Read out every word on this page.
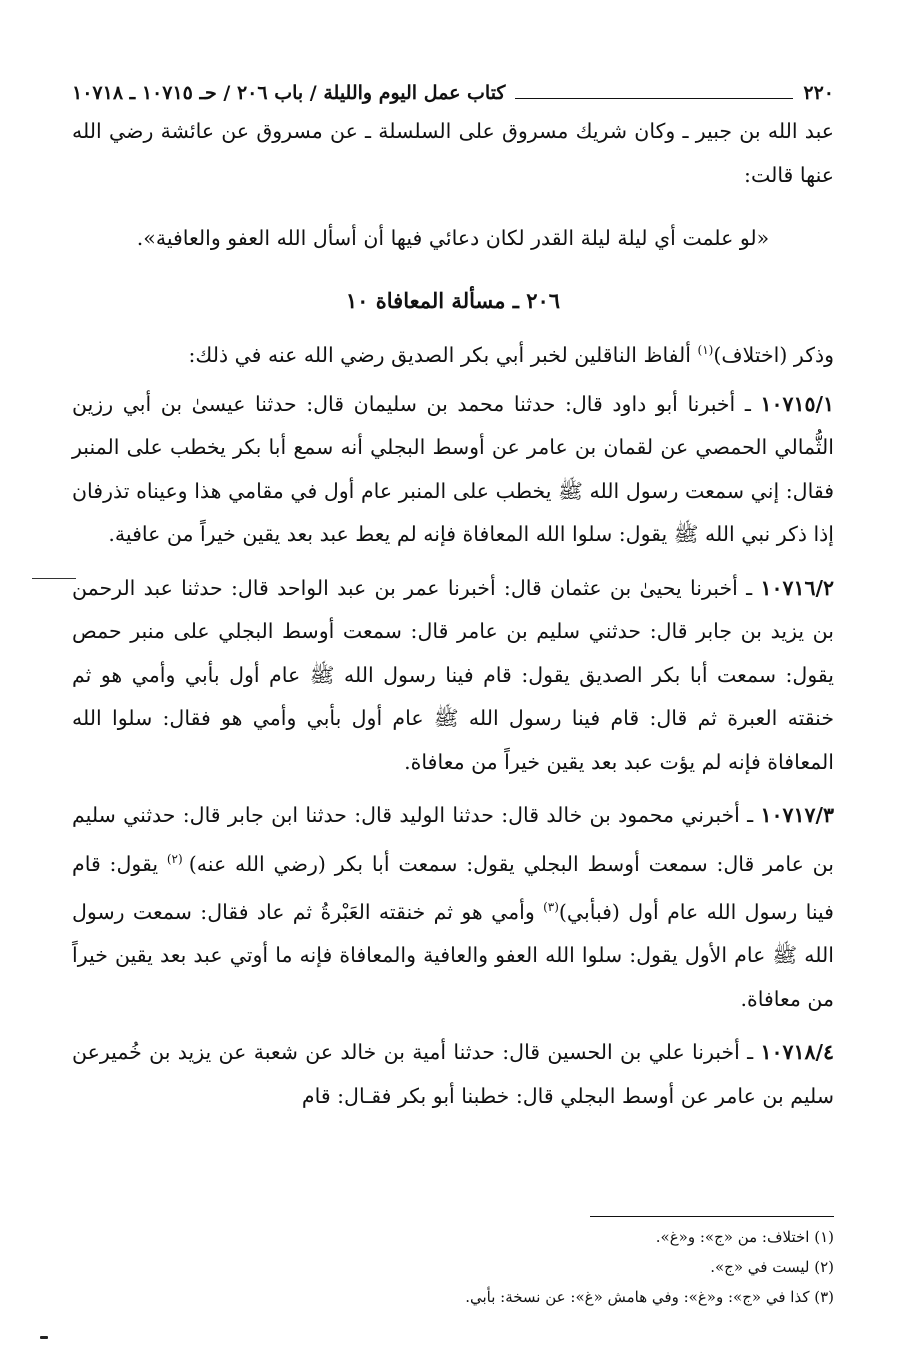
٢٢٠
كتاب عمل اليوم والليلة / باب ٢٠٦ / حـ ١٠٧١٥ ـ ١٠٧١٨

عبد الله بن جبير ـ وكان شريك مسروق على السلسلة ـ عن مسروق عن عائشة رضي الله عنها قالت:

«لو علمت أي ليلة ليلة القدر لكان دعائي فيها أن أسأل الله العفو والعافية».

٢٠٦ ـ مسألة المعافاة ١٠

وذكر (اختلاف)$^{(١)}$ ألفاظ الناقلين لخبر أبي بكر الصديق رضي الله عنه في ذلك:

١٠٧١٥/١ ـ أخبرنا أبو داود قال: حدثنا محمد بن سليمان قال: حدثنا عيسىٰ بن أبي رزين الثُّمالي الحمصي عن لقمان بن عامر عن أوسط البجلي أنه سمع أبا بكر يخطب على المنبر فقال: إني سمعت رسول الله ﷺ يخطب على المنبر عام أول في مقامي هذا وعيناه تذرفان إذا ذكر نبي الله ﷺ يقول: سلوا الله المعافاة فإنه لم يعط عبد بعد يقين خيراً من عافية.

١٠٧١٦/٢ ـ أخبرنا يحيىٰ بن عثمان قال: أخبرنا عمر بن عبد الواحد قال: حدثنا عبد الرحمن بن يزيد بن جابر قال: حدثني سليم بن عامر قال: سمعت أوسط البجلي على منبر حمص يقول: سمعت أبا بكر الصديق يقول: قام فينا رسول الله ﷺ عام أول بأبي وأمي هو ثم خنقته العبرة ثم قال: قام فينا رسول الله ﷺ عام أول بأبي وأمي هو فقال: سلوا الله المعافاة فإنه لم يؤت عبد بعد يقين خيراً من معافاة.

١٠٧١٧/٣ ـ أخبرني محمود بن خالد قال: حدثنا الوليد قال: حدثنا ابن جابر قال: حدثني سليم بن عامر قال: سمعت أوسط البجلي يقول: سمعت أبا بكر (رضي الله عنه) $^{(٢)}$ يقول: قام فينا رسول الله عام أول (فبأبي)$^{(٣)}$ وأمي هو ثم خنقته العَبْرةُ ثم عاد فقال: سمعت رسول الله ﷺ عام الأول يقول: سلوا الله العفو والعافية والمعافاة فإنه ما أوتي عبد بعد يقين خيراً من معافاة.

١٠٧١٨/٤ ـ أخبرنا علي بن الحسين قال: حدثنا أمية بن خالد عن شعبة عن يزيد بن خُميرعن سليم بن عامر عن أوسط البجلي قال: خطبنا أبو بكر فقـال: قام

(١) اختلاف: من «ج»: و«غ».
(٢) ليست في «ج».
(٣) كذا في «ج»: و«غ»: وفي هامش «غ»: عن نسخة: بأبي.
